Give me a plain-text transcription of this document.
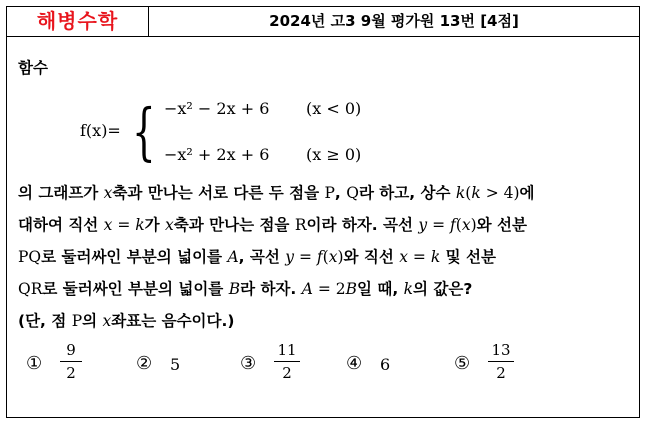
해병수학	2024년 고3 9월 평가원 13번 [4점]
함수
f(x)= { −x² − 2x + 6 (x < 0)
−x² + 2x + 6 (x ≥ 0)
의 그래프가 x축과 만나는 서로 다른 두 점을 P, Q라 하고, 상수 k(k > 4)에
대하여 직선 x = k가 x축과 만나는 점을 R이라 하자. 곡선 y = f(x)와 선분
PQ로 둘러싸인 부분의 넓이를 A, 곡선 y = f(x)와 직선 x = k 및 선분
QR로 둘러싸인 부분의 넓이를 B라 하자. A = 2B일 때, k의 값은?
(단, 점 P의 x좌표는 음수이다.)
①
9
2	② 5	③
11
2	④ 6	⑤
13
2
